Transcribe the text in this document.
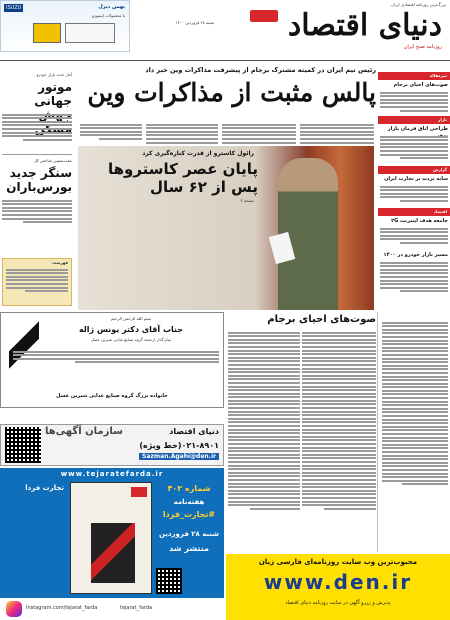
بزرگ‌ترین روزنامه اقتصادی ایران
دنیای اقتصاد
روزنامه صبح ایران
شنبه ۲۸ فروردین ۱۴۰۰
بهمن دیزل
با محصولات ایسوزو
ISUZU
آمار جدید بازار خودرو
موتور جهانی
عقب‌نشینی شاخص کل
سنگر جدید بورس‌باران
فهرست
رئیس تیم ایران در کمیته مشترک برجام از پیشرفت مذاکرات وین خبر داد
پالس مثبت از مذاکرات وین
رائول کاسترو از قدرت کنار‌ه‌گیری کرد
پایان عصر کاستروها پس از ۶۲ سال
صفحه ۳
سرمقاله
صوت‌های احیای برجام
بازار
طراحی اتاق فرمان بازار
گزارش
سایه تردید بر تجارت ایران
اقتصاد
جامعه هدف اینترنت ۲G
مسیر بازار خودرو در ۱۴۰۰
بسم الله الرحمن الرحیم
جناب آقای دکتر یونس ژاله
بنیان‌گذار ارجمند گروه صنایع غذایی شیرین عسل
خانواده بزرگ گروه صنایع غذایی شیرین عسل
صوت‌های احیای برجام
سازمان آگهی‌ها	دنیای اقتصاد
۰۲۱-۸۹۰۱(خط ویژه)
Sazman.Agahi@den.ir
www.tejaratefarda.ir
تجارت فردا	شماره ۴۰۲
هفته‌نامه
#تجارت_فردا
شنبه ۲۸ فروردین
منتشر شد
Instagram.com/tejarat_farda	tejarat_farda
محبوب‌ترین وب سایت روزنامه‌ای فارسی زبان
www.den.ir
پذیرش و رزرو آگهی در سایت روزنامه دنیای اقتصاد
